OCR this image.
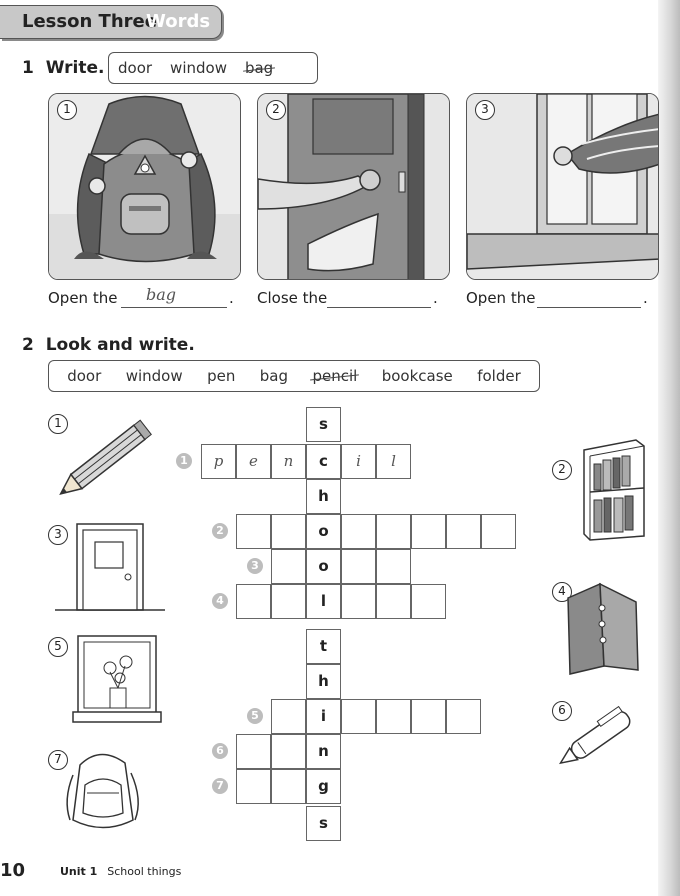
Lesson Three
Words
1 Write. door window bag
1	2	3
Open the bag	. Close the	. Open the	.
2 Look and write.
door window pen bag pencil bookcase folder
1
3
5
7
2
4
6
s
1	p	e	n	c	i	l
h
2	o
3	o
4	l
t
h
5	i
6	n
7	g
s
10	Unit 1 School things
